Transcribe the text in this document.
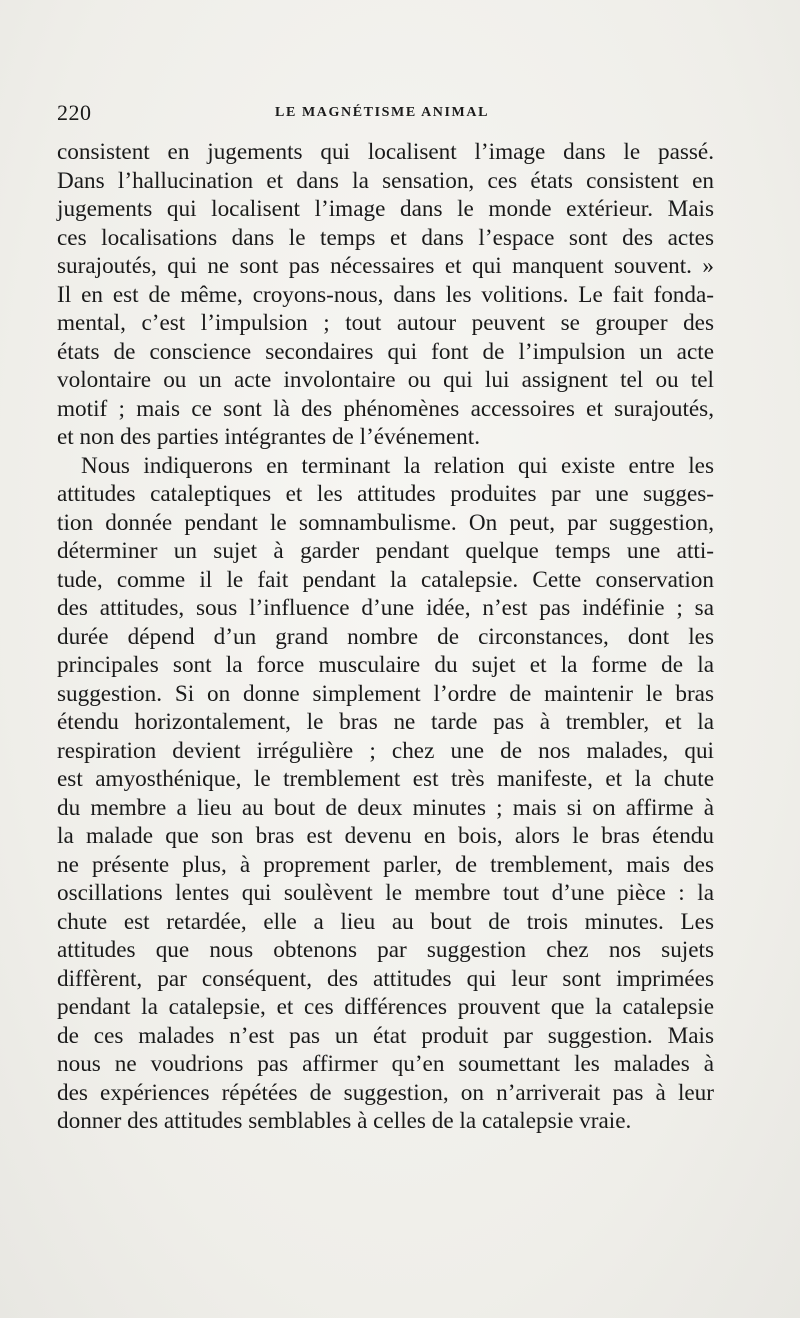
220	LE MAGNÉTISME ANIMAL
consistent en jugements qui localisent l’image dans le passé.
Dans l’hallucination et dans la sensation, ces états consistent en
jugements qui localisent l’image dans le monde extérieur. Mais
ces localisations dans le temps et dans l’espace sont des actes
surajoutés, qui ne sont pas nécessaires et qui manquent souvent. »
Il en est de même, croyons-nous, dans les volitions. Le fait fonda-
mental, c’est l’impulsion ; tout autour peuvent se grouper des
états de conscience secondaires qui font de l’impulsion un acte
volontaire ou un acte involontaire ou qui lui assignent tel ou tel
motif ; mais ce sont là des phénomènes accessoires et surajoutés,
et non des parties intégrantes de l’événement.
Nous indiquerons en terminant la relation qui existe entre les
attitudes cataleptiques et les attitudes produites par une sugges-
tion donnée pendant le somnambulisme. On peut, par suggestion,
déterminer un sujet à garder pendant quelque temps une atti-
tude, comme il le fait pendant la catalepsie. Cette conservation
des attitudes, sous l’influence d’une idée, n’est pas indéfinie ; sa
durée dépend d’un grand nombre de circonstances, dont les
principales sont la force musculaire du sujet et la forme de la
suggestion. Si on donne simplement l’ordre de maintenir le bras
étendu horizontalement, le bras ne tarde pas à trembler, et la
respiration devient irrégulière ; chez une de nos malades, qui
est amyosthénique, le tremblement est très manifeste, et la chute
du membre a lieu au bout de deux minutes ; mais si on affirme à
la malade que son bras est devenu en bois, alors le bras étendu
ne présente plus, à proprement parler, de tremblement, mais des
oscillations lentes qui soulèvent le membre tout d’une pièce : la
chute est retardée, elle a lieu au bout de trois minutes. Les
attitudes que nous obtenons par suggestion chez nos sujets
diffèrent, par conséquent, des attitudes qui leur sont imprimées
pendant la catalepsie, et ces différences prouvent que la catalepsie
de ces malades n’est pas un état produit par suggestion. Mais
nous ne voudrions pas affirmer qu’en soumettant les malades à
des expériences répétées de suggestion, on n’arriverait pas à leur
donner des attitudes semblables à celles de la catalepsie vraie.
